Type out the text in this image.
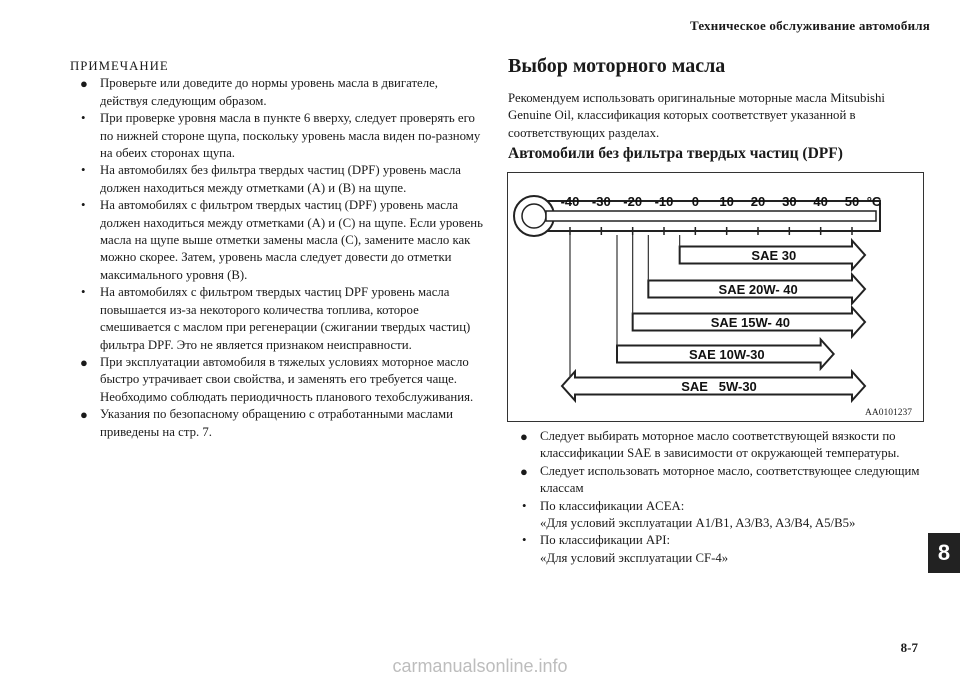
Техническое обслуживание автомобиля
ПРИМЕЧАНИЕ
● Проверьте или доведите до нормы уровень масла в двигателе, действуя следующим образом.
• При проверке уровня масла в пункте 6 вверху, следует проверять его по нижней стороне щупа, поскольку уровень масла виден по-разному на обеих сторонах щупа.
• На автомобилях без фильтра твердых частиц (DPF) уровень масла должен находиться между отметками (A) и (B) на щупе.
• На автомобилях с фильтром твердых частиц (DPF) уровень масла должен находиться между отметками (A) и (C) на щупе. Если уровень масла на щупе выше отметки замены масла (C), замените масло как можно скорее. Затем, уровень масла следует довести до отметки максимального уровня (B).
• На автомобилях с фильтром твердых частиц DPF уровень масла повышается из-за некоторого количества топлива, которое смешивается с маслом при регенерации (сжигании твердых частиц) фильтра DPF. Это не является признаком неисправности.
● При эксплуатации автомобиля в тяжелых условиях моторное масло быстро утрачивает свои свойства, и заменять его требуется чаще. Необходимо соблюдать периодичность планового техобслуживания.
● Указания по безопасному обращению с отработанными маслами приведены на стр. 7.
Выбор моторного масла
Рекомендуем использовать оригинальные моторные масла Mitsubishi Genuine Oil, классификация которых соответствует указанной в соответствующих разделах.
Автомобили без фильтра твердых частиц (DPF)
-40 -30 -20 -10 0 10 20 30 40 50 °C
SAE 30
SAE 20W- 40
SAE 15W- 40
SAE 10W-30
SAE   5W-30
AA0101237
● Следует выбирать моторное масло соответствующей вязкости по классификации SAE в зависимости от окружающей температуры.
● Следует использовать моторное масло, соответствующее следующим классам
• По классификации ACEA:
«Для условий эксплуатации A1/B1, A3/B3, A3/B4, A5/B5»
• По классификации API:
«Для условий эксплуатации CF-4»	8
8-7
carmanualsonline.info
